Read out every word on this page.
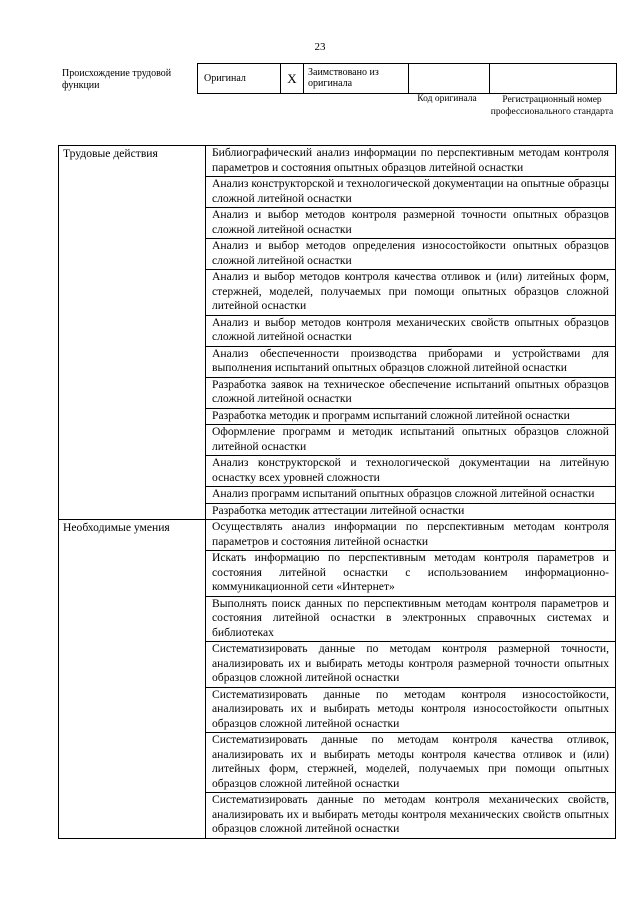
23
Происхождение трудовой функции
Оригинал	X	Заимствовано из оригинала		
Код оригинала	Регистрационный номер профессионального стандарта
Трудовые действия	Библиографический анализ информации по перспективным методам контроля параметров и состояния опытных образцов литейной оснастки
	Анализ конструкторской и технологической документации на опытные образцы сложной литейной оснастки
	Анализ и выбор методов контроля размерной точности опытных образцов сложной литейной оснастки
	Анализ и выбор методов определения износостойкости опытных образцов сложной литейной оснастки
	Анализ и выбор методов контроля качества отливок и (или) литейных форм, стержней, моделей, получаемых при помощи опытных образцов сложной литейной оснастки
	Анализ и выбор методов контроля механических свойств опытных образцов сложной литейной оснастки
	Анализ обеспеченности производства приборами и устройствами для выполнения испытаний опытных образцов сложной литейной оснастки
	Разработка заявок на техническое обеспечение испытаний опытных образцов сложной литейной оснастки
	Разработка методик и программ испытаний сложной литейной оснастки
	Оформление программ и методик испытаний опытных образцов сложной литейной оснастки
	Анализ конструкторской и технологической документации на литейную оснастку всех уровней сложности
	Анализ программ испытаний опытных образцов сложной литейной оснастки
	Разработка методик аттестации литейной оснастки
Необходимые умения	Осуществлять анализ информации по перспективным методам контроля параметров и состояния литейной оснастки
	Искать информацию по перспективным методам контроля параметров и состояния литейной оснастки с использованием информационно-коммуникационной сети «Интернет»
	Выполнять поиск данных по перспективным методам контроля параметров и состояния литейной оснастки в электронных справочных системах и библиотеках
	Систематизировать данные по методам контроля размерной точности, анализировать их и выбирать методы контроля размерной точности опытных образцов сложной литейной оснастки
	Систематизировать данные по методам контроля износостойкости, анализировать их и выбирать методы контроля износостойкости опытных образцов сложной литейной оснастки
	Систематизировать данные по методам контроля качества отливок, анализировать их и выбирать методы контроля качества отливок и (или) литейных форм, стержней, моделей, получаемых при помощи опытных образцов сложной литейной оснастки
	Систематизировать данные по методам контроля механических свойств, анализировать их и выбирать методы контроля механических свойств опытных образцов сложной литейной оснастки
